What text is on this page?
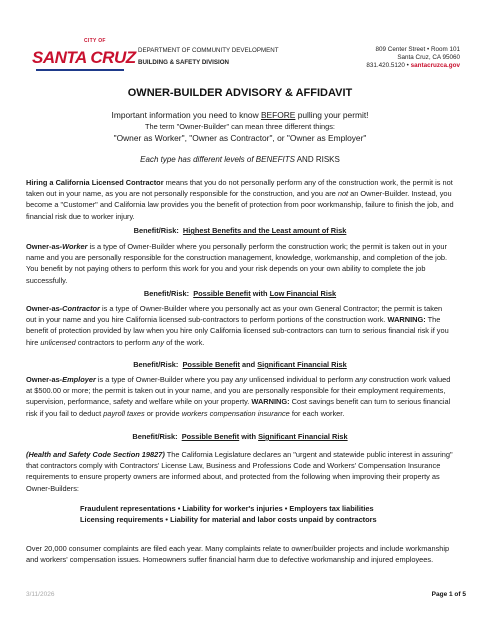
CITY OF
SANTA CRUZ DEPARTMENT OF COMMUNITY DEVELOPMENT
BUILDING & SAFETY DIVISION
809 Center Street • Room 101
Santa Cruz, CA 95060
831.420.5120 • santacruzca.gov
OWNER-BUILDER ADVISORY & AFFIDAVIT
Important information you need to know BEFORE pulling your permit!
The term "Owner-Builder" can mean three different things:
"Owner as Worker", "Owner as Contractor", or "Owner as Employer"
Each type has different levels of BENEFITS AND RISKS
Hiring a California Licensed Contractor means that you do not personally perform any of the construction work, the permit is not taken out in your name, as you are not personally responsible for the construction, and you are not an Owner-Builder. Instead, you become a "Customer" and California law provides you the benefit of protection from poor workmanship, failure to finish the job, and financial risk due to worker injury.
Benefit/Risk: Highest Benefits and the Least amount of Risk
Owner-as-Worker is a type of Owner-Builder where you personally perform the construction work; the permit is taken out in your name and you are personally responsible for the construction management, knowledge, workmanship, and completion of the job. You benefit by not paying others to perform this work for you and your risk depends on your own ability to complete the job successfully.
Benefit/Risk: Possible Benefit with Low Financial Risk
Owner-as-Contractor is a type of Owner-Builder where you personally act as your own General Contractor; the permit is taken out in your name and you hire California licensed sub-contractors to perform portions of the construction work. WARNING: The benefit of protection provided by law when you hire only California licensed sub-contractors can turn to serious financial risk if you hire unlicensed contractors to perform any of the work.
Benefit/Risk: Possible Benefit and Significant Financial Risk
Owner-as-Employer is a type of Owner-Builder where you pay any unlicensed individual to perform any construction work valued at $500.00 or more; the permit is taken out in your name, and you are personally responsible for their employment requirements, supervision, performance, safety and welfare while on your property. WARNING: Cost savings benefit can turn to serious financial risk if you fail to deduct payroll taxes or provide workers compensation insurance for each worker.
Benefit/Risk: Possible Benefit with Significant Financial Risk
(Health and Safety Code Section 19827) The California Legislature declares an "urgent and statewide public interest in assuring" that contractors comply with Contractors' License Law, Business and Professions Code and Workers' Compensation Insurance requirements to ensure property owners are informed about, and protected from the following when improving their property as Owner-Builders:
Fraudulent representations • Liability for worker's injuries • Employers tax liabilities Licensing requirements • Liability for material and labor costs unpaid by contractors
Over 20,000 consumer complaints are filed each year. Many complaints relate to owner/builder projects and include workmanship and workers' compensation issues. Homeowners suffer financial harm due to defective workmanship and injured employees.
3/11/2026	Page 1 of 5
